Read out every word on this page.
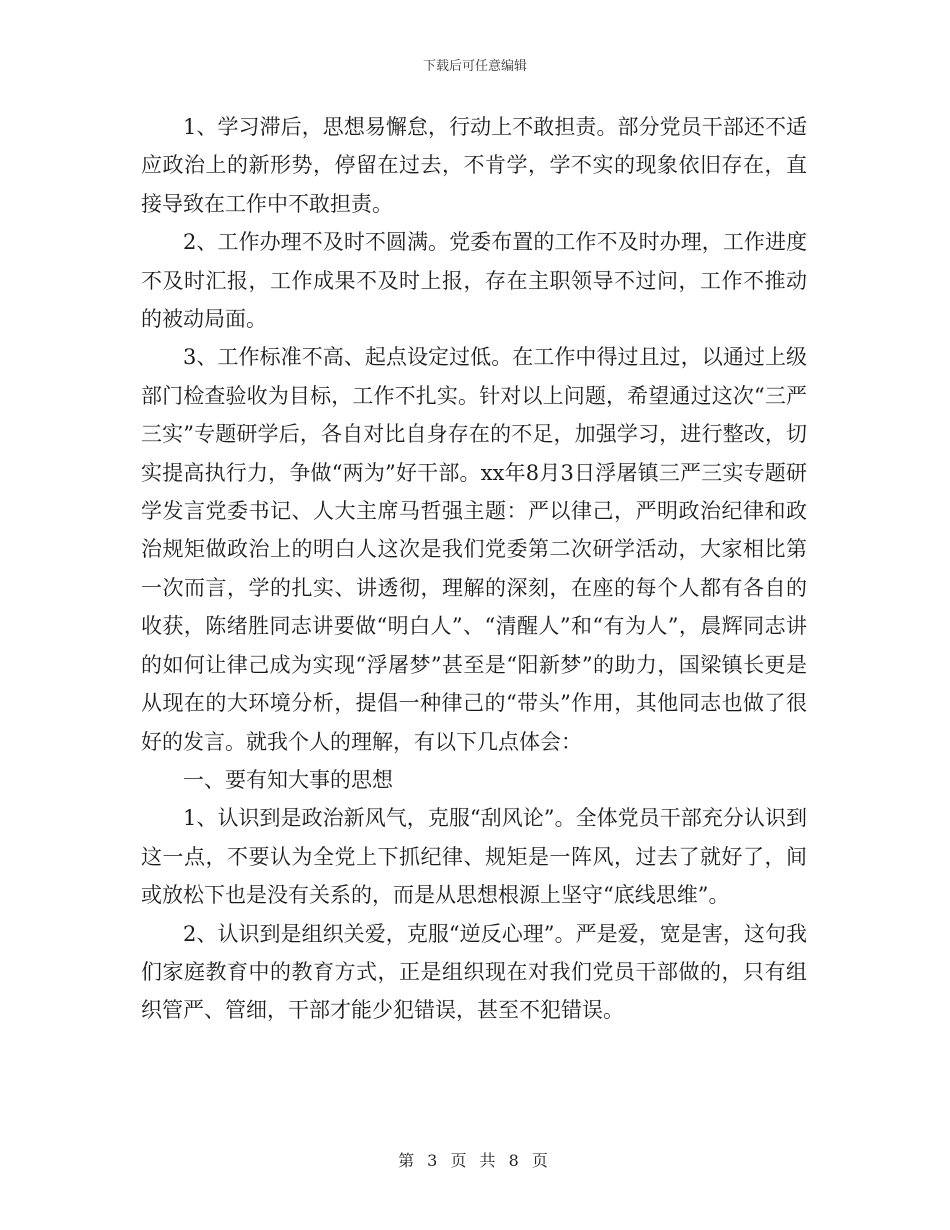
下载后可任意编辑

1、学习滞后，思想易懈怠，行动上不敢担责。部分党员干部还不适应政治上的新形势，停留在过去，不肯学，学不实的现象依旧存在，直接导致在工作中不敢担责。

2、工作办理不及时不圆满。党委布置的工作不及时办理，工作进度不及时汇报，工作成果不及时上报，存在主职领导不过问，工作不推动的被动局面。

3、工作标准不高、起点设定过低。在工作中得过且过，以通过上级部门检查验收为目标，工作不扎实。针对以上问题，希望通过这次“三严三实”专题研学后，各自对比自身存在的不足，加强学习，进行整改，切实提高执行力，争做“两为”好干部。xx年8月3日浮屠镇三严三实专题研学发言党委书记、人大主席马哲强主题：严以律己，严明政治纪律和政治规矩做政治上的明白人这次是我们党委第二次研学活动，大家相比第一次而言，学的扎实、讲透彻，理解的深刻，在座的每个人都有各自的收获，陈绪胜同志讲要做“明白人”、“清醒人”和“有为人”，晨辉同志讲的如何让律己成为实现“浮屠梦”甚至是“阳新梦”的助力，国梁镇长更是从现在的大环境分析，提倡一种律己的“带头”作用，其他同志也做了很好的发言。就我个人的理解，有以下几点体会：

一、要有知大事的思想

1、认识到是政治新风气，克服“刮风论”。全体党员干部充分认识到这一点，不要认为全党上下抓纪律、规矩是一阵风，过去了就好了，间或放松下也是没有关系的，而是从思想根源上坚守“底线思维”。

2、认识到是组织关爱，克服“逆反心理”。严是爱，宽是害，这句我们家庭教育中的教育方式，正是组织现在对我们党员干部做的，只有组织管严、管细，干部才能少犯错误，甚至不犯错误。

第 3 页 共 8 页
